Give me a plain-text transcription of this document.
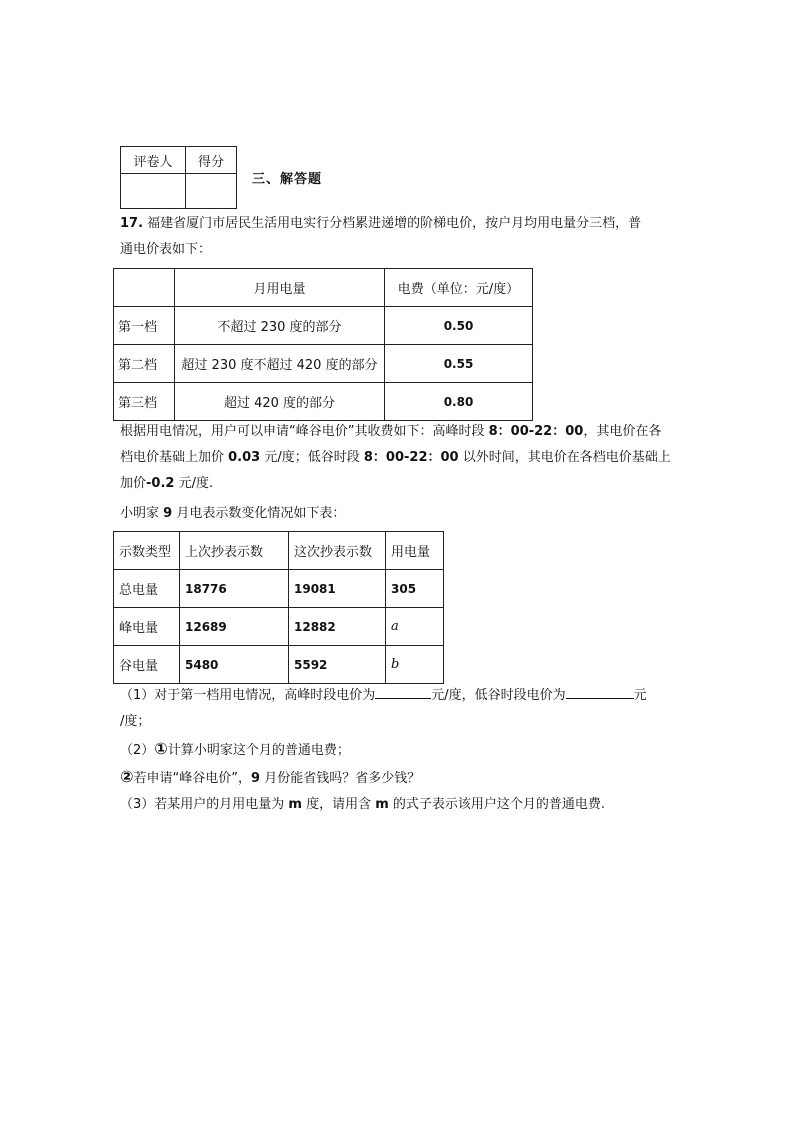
评卷人	得分

三、解答题
17. 福建省厦门市居民生活用电实行分档累进递增的阶梯电价，按户月均用电量分三档，普
通电价表如下：
	月用电量	电费（单位：元/度）
第一档	不超过 230 度的部分	0.50
第二档	超过 230 度不超过 420 度的部分	0.55
第三档	超过 420 度的部分	0.80
根据用电情况，用户可以申请“峰谷电价”其收费如下：高峰时段 8：00-22：00，其电价在各
档电价基础上加价 0.03 元/度；低谷时段 8：00-22：00 以外时间，其电价在各档电价基础上
加价-0.2 元/度.
小明家 9 月电表示数变化情况如下表：
示数类型	上次抄表示数	这次抄表示数	用电量
总电量	18776	19081	305
峰电量	12689	12882	a
谷电量	5480	5592	b
（1）对于第一档用电情况，高峰时段电价为	元/度，低谷时段电价为	元
/度；
（2）①计算小明家这个月的普通电费；
②若申请“峰谷电价”，9 月份能省钱吗？省多少钱？
（3）若某用户的月用电量为 m 度，请用含 m 的式子表示该用户这个月的普通电费.
